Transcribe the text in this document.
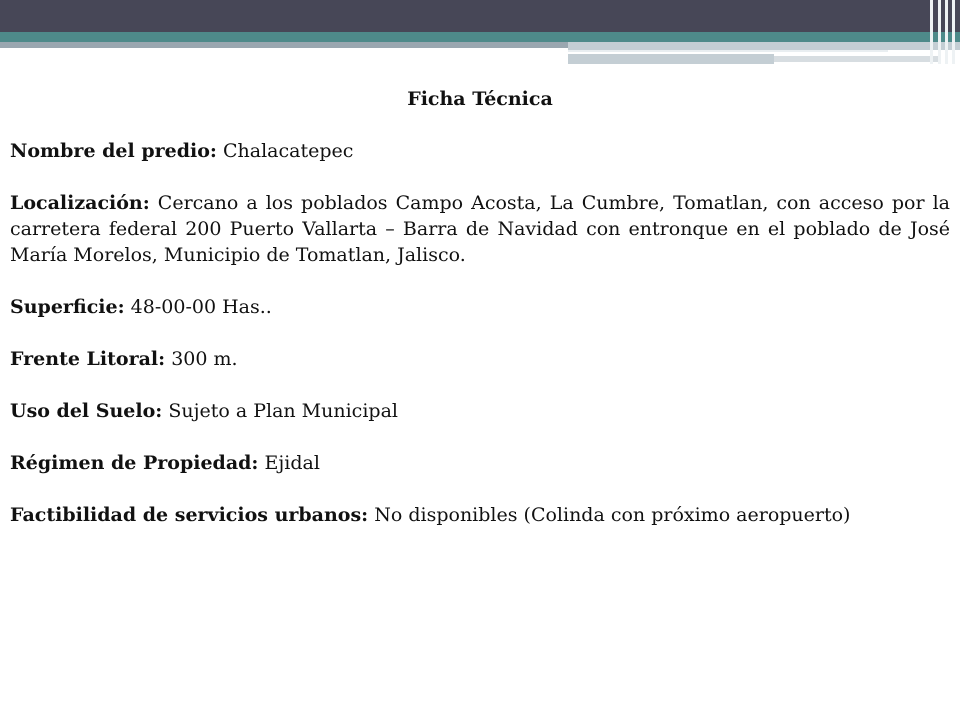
Ficha Técnica

Nombre del predio: Chalacatepec

Localización: Cercano a los poblados Campo Acosta, La Cumbre, Tomatlan, con acceso por la carretera federal 200 Puerto Vallarta – Barra de Navidad con entronque en el poblado de José María Morelos, Municipio de Tomatlan, Jalisco.

Superficie: 48-00-00 Has..

Frente Litoral: 300 m.

Uso del Suelo: Sujeto a Plan Municipal

Régimen de Propiedad: Ejidal

Factibilidad de servicios urbanos: No disponibles (Colinda con próximo aeropuerto)
